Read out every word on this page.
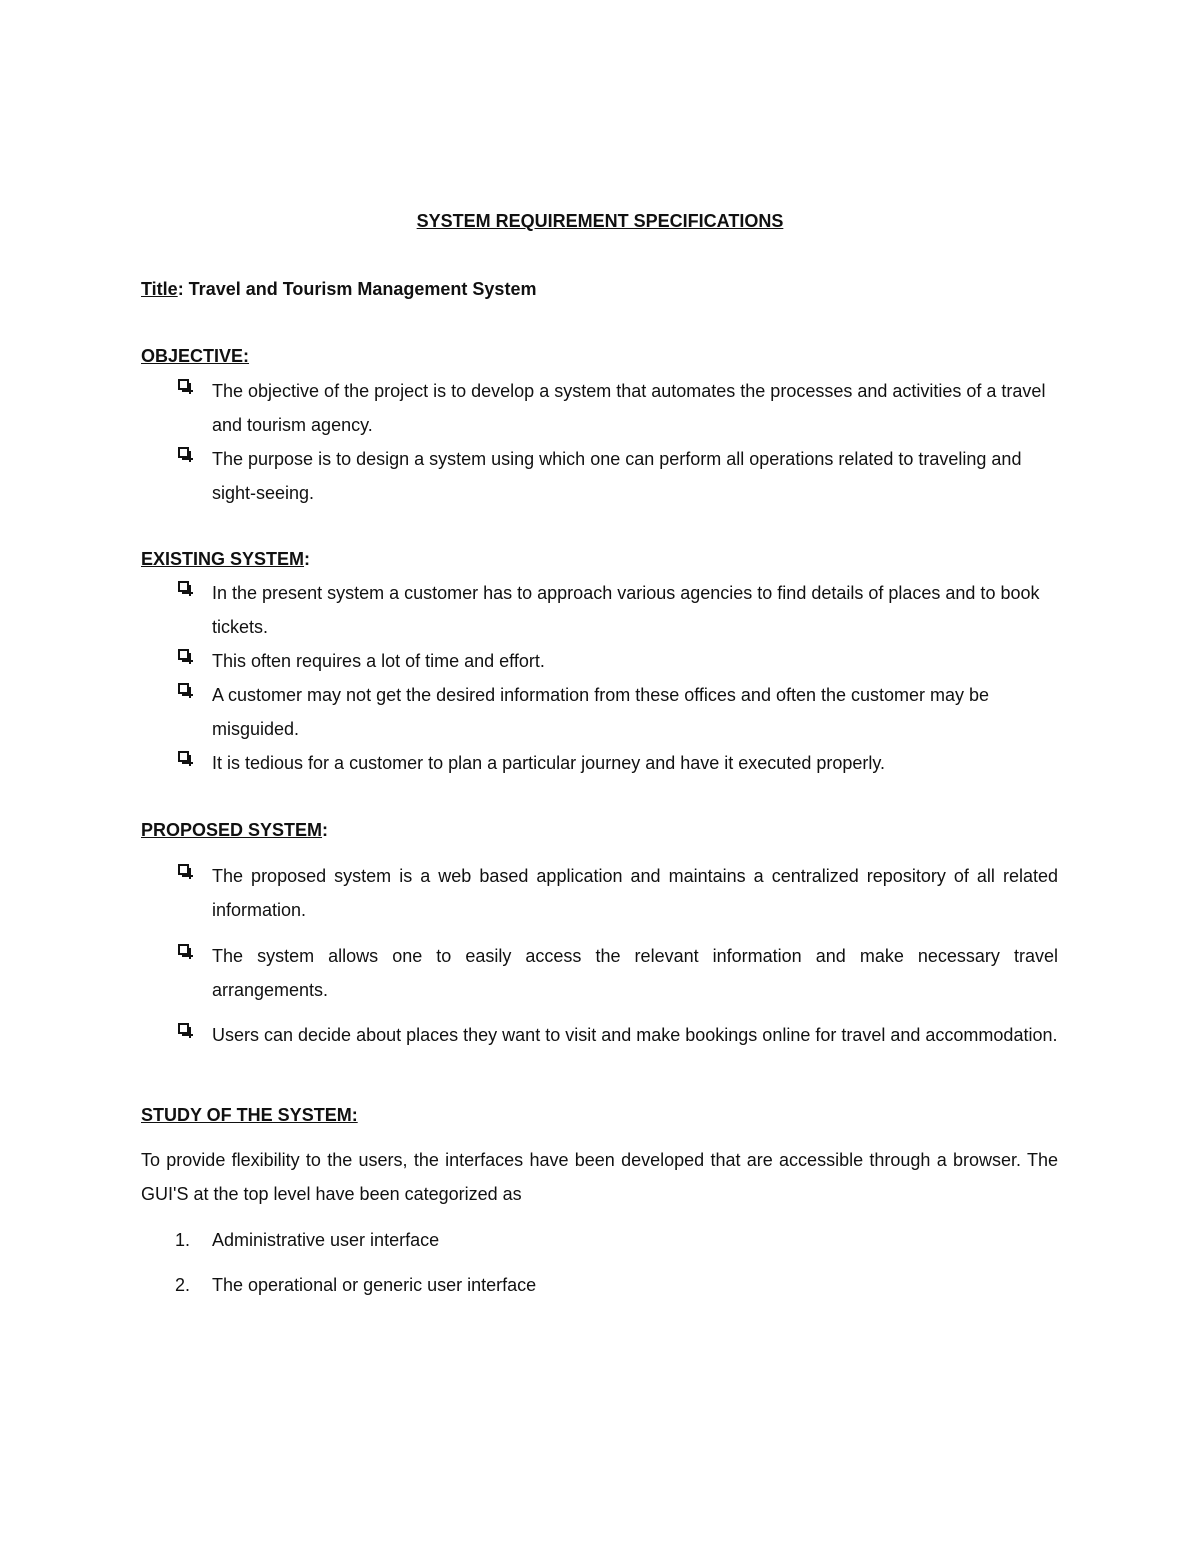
SYSTEM REQUIREMENT SPECIFICATIONS
Title: Travel and Tourism Management System
OBJECTIVE:
The objective of the project is to develop a system that automates the processes and activities of a travel and tourism agency.
The purpose is to design a system using which one can perform all operations related to traveling and sight-seeing.
EXISTING SYSTEM:
In the present system a customer has to approach various agencies to find details of places and to book tickets.
This often requires a lot of time and effort.
A customer may not get the desired information from these offices and often the customer may be misguided.
It is tedious for a customer to plan a particular journey and have it executed properly.
PROPOSED SYSTEM:
The proposed system is a web based application and maintains a centralized repository of all related information.
The system allows one to easily access the relevant information and make necessary travel arrangements.
Users can decide about places they want to visit and make bookings online for travel and accommodation.
STUDY OF THE SYSTEM:
To provide flexibility to the users, the interfaces have been developed that are accessible through a browser. The GUI'S at the top level have been categorized as
1. Administrative user interface
2. The operational or generic user interface
